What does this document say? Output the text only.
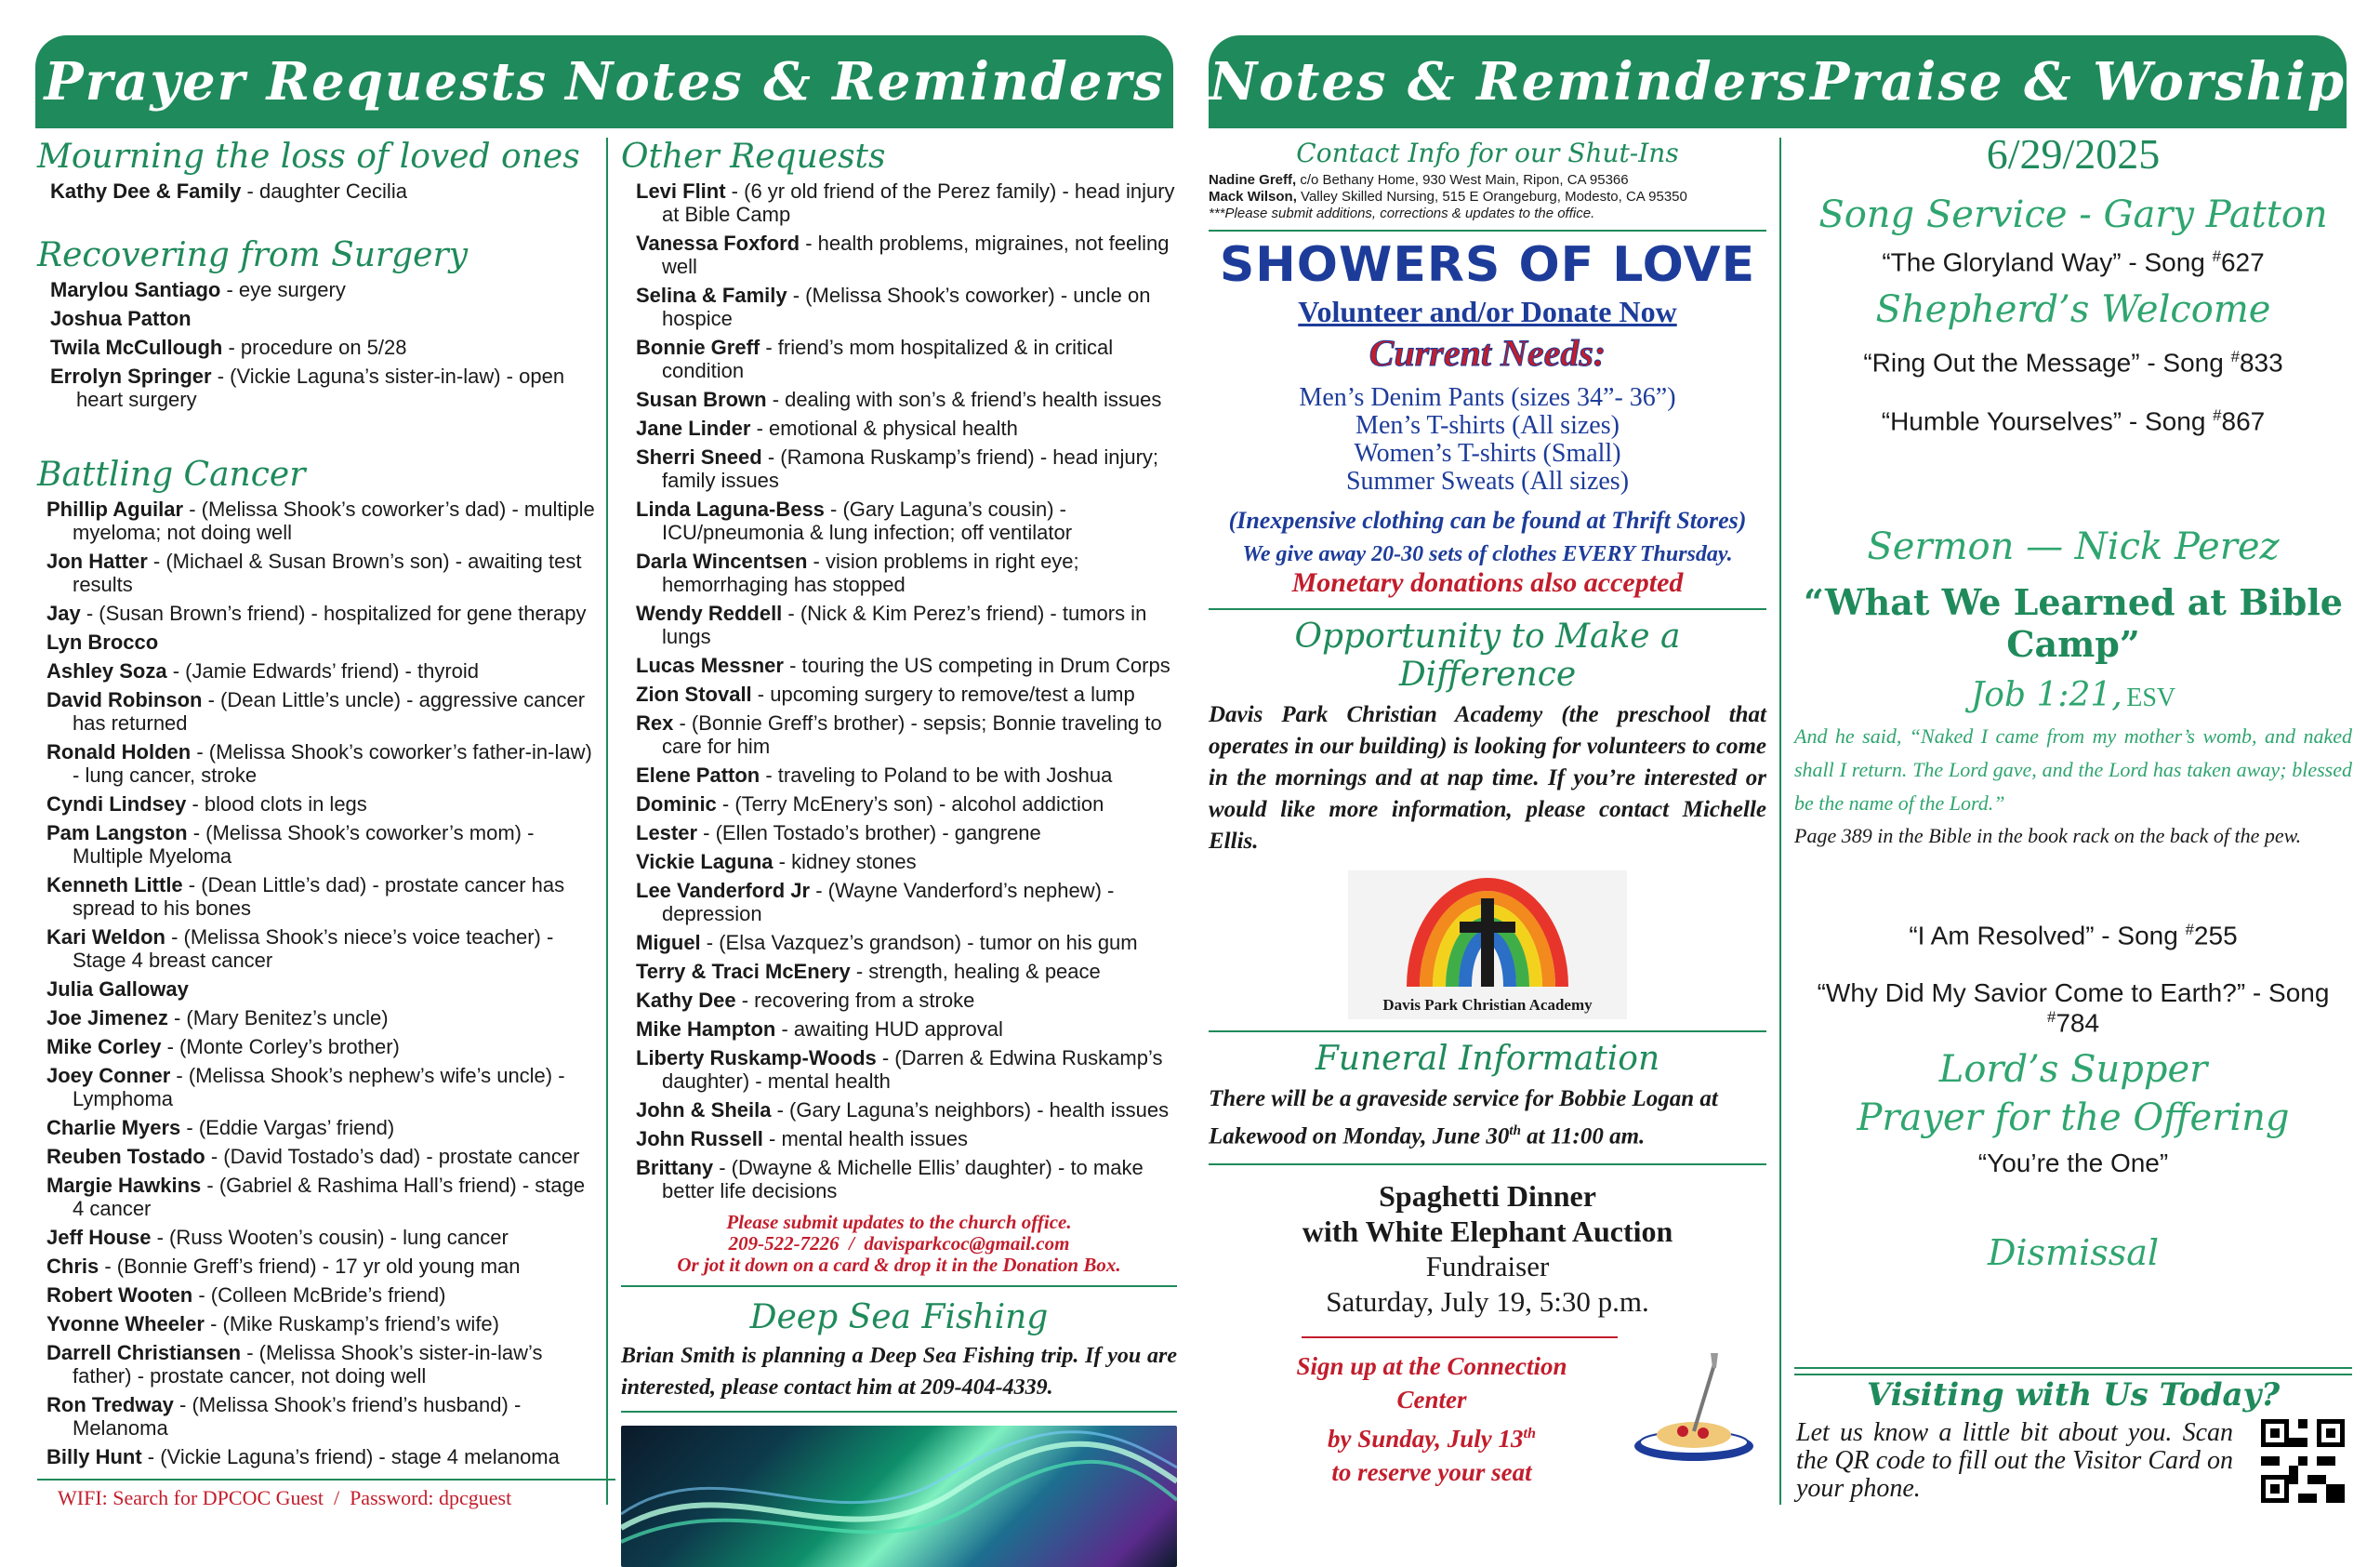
Prayer Requests Notes & Reminders Notes & Reminders Praise & Worship
Mourning the loss of loved ones
Kathy Dee & Family - daughter Cecilia
Recovering from Surgery
Marylou Santiago - eye surgery
Joshua Patton
Twila McCullough - procedure on 5/28
Errolyn Springer - (Vickie Laguna’s sister-in-law) - open heart surgery
Battling Cancer
Phillip Aguilar - (Melissa Shook’s coworker’s dad) - multiple myeloma; not doing well
Jon Hatter - (Michael & Susan Brown’s son) - awaiting test results
Jay - (Susan Brown’s friend) - hospitalized for gene therapy
Lyn Brocco
Ashley Soza - (Jamie Edwards’ friend) - thyroid
David Robinson - (Dean Little’s uncle) - aggressive cancer has returned
Ronald Holden - (Melissa Shook’s coworker’s father-in-law) - lung cancer, stroke
Cyndi Lindsey - blood clots in legs
Pam Langston - (Melissa Shook’s coworker’s mom) - Multiple Myeloma
Kenneth Little - (Dean Little’s dad) - prostate cancer has spread to his bones
Kari Weldon - (Melissa Shook’s niece’s voice teacher) - Stage 4 breast cancer
Julia Galloway
Joe Jimenez - (Mary Benitez’s uncle)
Mike Corley - (Monte Corley’s brother)
Joey Conner - (Melissa Shook’s nephew’s wife’s uncle) - Lymphoma
Charlie Myers - (Eddie Vargas’ friend)
Reuben Tostado - (David Tostado’s dad) - prostate cancer
Margie Hawkins - (Gabriel & Rashima Hall’s friend) - stage 4 cancer
Jeff House - (Russ Wooten’s cousin) - lung cancer
Chris - (Bonnie Greff’s friend) - 17 yr old young man
Robert Wooten - (Colleen McBride’s friend)
Yvonne Wheeler - (Mike Ruskamp’s friend’s wife)
Darrell Christiansen - (Melissa Shook’s sister-in-law’s father) - prostate cancer, not doing well
Ron Tredway - (Melissa Shook’s friend’s husband) - Melanoma
Billy Hunt - (Vickie Laguna’s friend) - stage 4 melanoma
WIFI: Search for DPCOC Guest  /  Password: dpcguest
Other Requests
Levi Flint - (6 yr old friend of the Perez family) - head injury at Bible Camp
Vanessa Foxford - health problems, migraines, not feeling well
Selina & Family - (Melissa Shook’s coworker) - uncle on hospice
Bonnie Greff - friend’s mom hospitalized & in critical condition
Susan Brown - dealing with son’s & friend’s health issues
Jane Linder - emotional & physical health
Sherri Sneed - (Ramona Ruskamp’s friend) - head injury; family issues
Linda Laguna-Bess - (Gary Laguna’s cousin) - ICU/pneumonia & lung infection; off ventilator
Darla Wincentsen - vision problems in right eye; hemorrhaging has stopped
Wendy Reddell - (Nick & Kim Perez’s friend) - tumors in lungs
Lucas Messner - touring the US competing in Drum Corps
Zion Stovall - upcoming surgery to remove/test a lump
Rex - (Bonnie Greff’s brother) - sepsis; Bonnie traveling to care for him
Elene Patton - traveling to Poland to be with Joshua
Dominic - (Terry McEnery’s son) - alcohol addiction
Lester - (Ellen Tostado’s brother) - gangrene
Vickie Laguna - kidney stones
Lee Vanderford Jr - (Wayne Vanderford’s nephew) - depression
Miguel - (Elsa Vazquez’s grandson) - tumor on his gum
Terry & Traci McEnery - strength, healing & peace
Kathy Dee - recovering from a stroke
Mike Hampton - awaiting HUD approval
Liberty Ruskamp-Woods - (Darren & Edwina Ruskamp’s daughter) - mental health
John & Sheila - (Gary Laguna’s neighbors) - health issues
John Russell - mental health issues
Brittany - (Dwayne & Michelle Ellis’ daughter) - to make better life decisions
Please submit updates to the church office.
209-522-7226  /  davisparkcoc@gmail.com
Or jot it down on a card & drop it in the Donation Box.
Deep Sea Fishing
Brian Smith is planning a Deep Sea Fishing trip. If you are interested, please contact him at 209-404-4339.
Contact Info for our Shut-Ins
Nadine Greff, c/o Bethany Home, 930 West Main, Ripon, CA 95366
Mack Wilson, Valley Skilled Nursing, 515 E Orangeburg, Modesto, CA 95350
***Please submit additions, corrections & updates to the office.
SHOWERS OF LOVE
Volunteer and/or Donate Now
Current Needs:
Men’s Denim Pants (sizes 34”- 36”)
Men’s T-shirts (All sizes)
Women’s T-shirts (Small)
Summer Sweats (All sizes)
(Inexpensive clothing can be found at Thrift Stores)
We give away 20-30 sets of clothes EVERY Thursday.
Monetary donations also accepted
Opportunity to Make a Difference
Davis Park Christian Academy (the preschool that operates in our building) is looking for volunteers to come in the mornings and at nap time. If you’re interested or would like more information, please contact Michelle Ellis.
Davis Park Christian Academy
Funeral Information
There will be a graveside service for Bobbie Logan at Lakewood on Monday, June 30th at 11:00 am.
Spaghetti Dinner
with White Elephant Auction
Fundraiser
Saturday, July 19, 5:30 p.m.
Sign up at the Connection Center
by Sunday, July 13th
to reserve your seat
6/29/2025
Song Service - Gary Patton
“The Gloryland Way” - Song #627
Shepherd’s Welcome
“Ring Out the Message” - Song #833
“Humble Yourselves” - Song #867
Sermon — Nick Perez
“What We Learned at Bible Camp”
Job 1:21, ESV
And he said, “Naked I came from my mother’s womb, and naked shall I return. The Lord gave, and the Lord has taken away; blessed be the name of the Lord.”
Page 389 in the Bible in the book rack on the back of the pew.
“I Am Resolved” - Song #255
“Why Did My Savior Come to Earth?” - Song #784
Lord’s Supper
Prayer for the Offering
“You’re the One”
Dismissal
Visiting with Us Today?
Let us know a little bit about you. Scan the QR code to fill out the Visitor Card on your phone.
